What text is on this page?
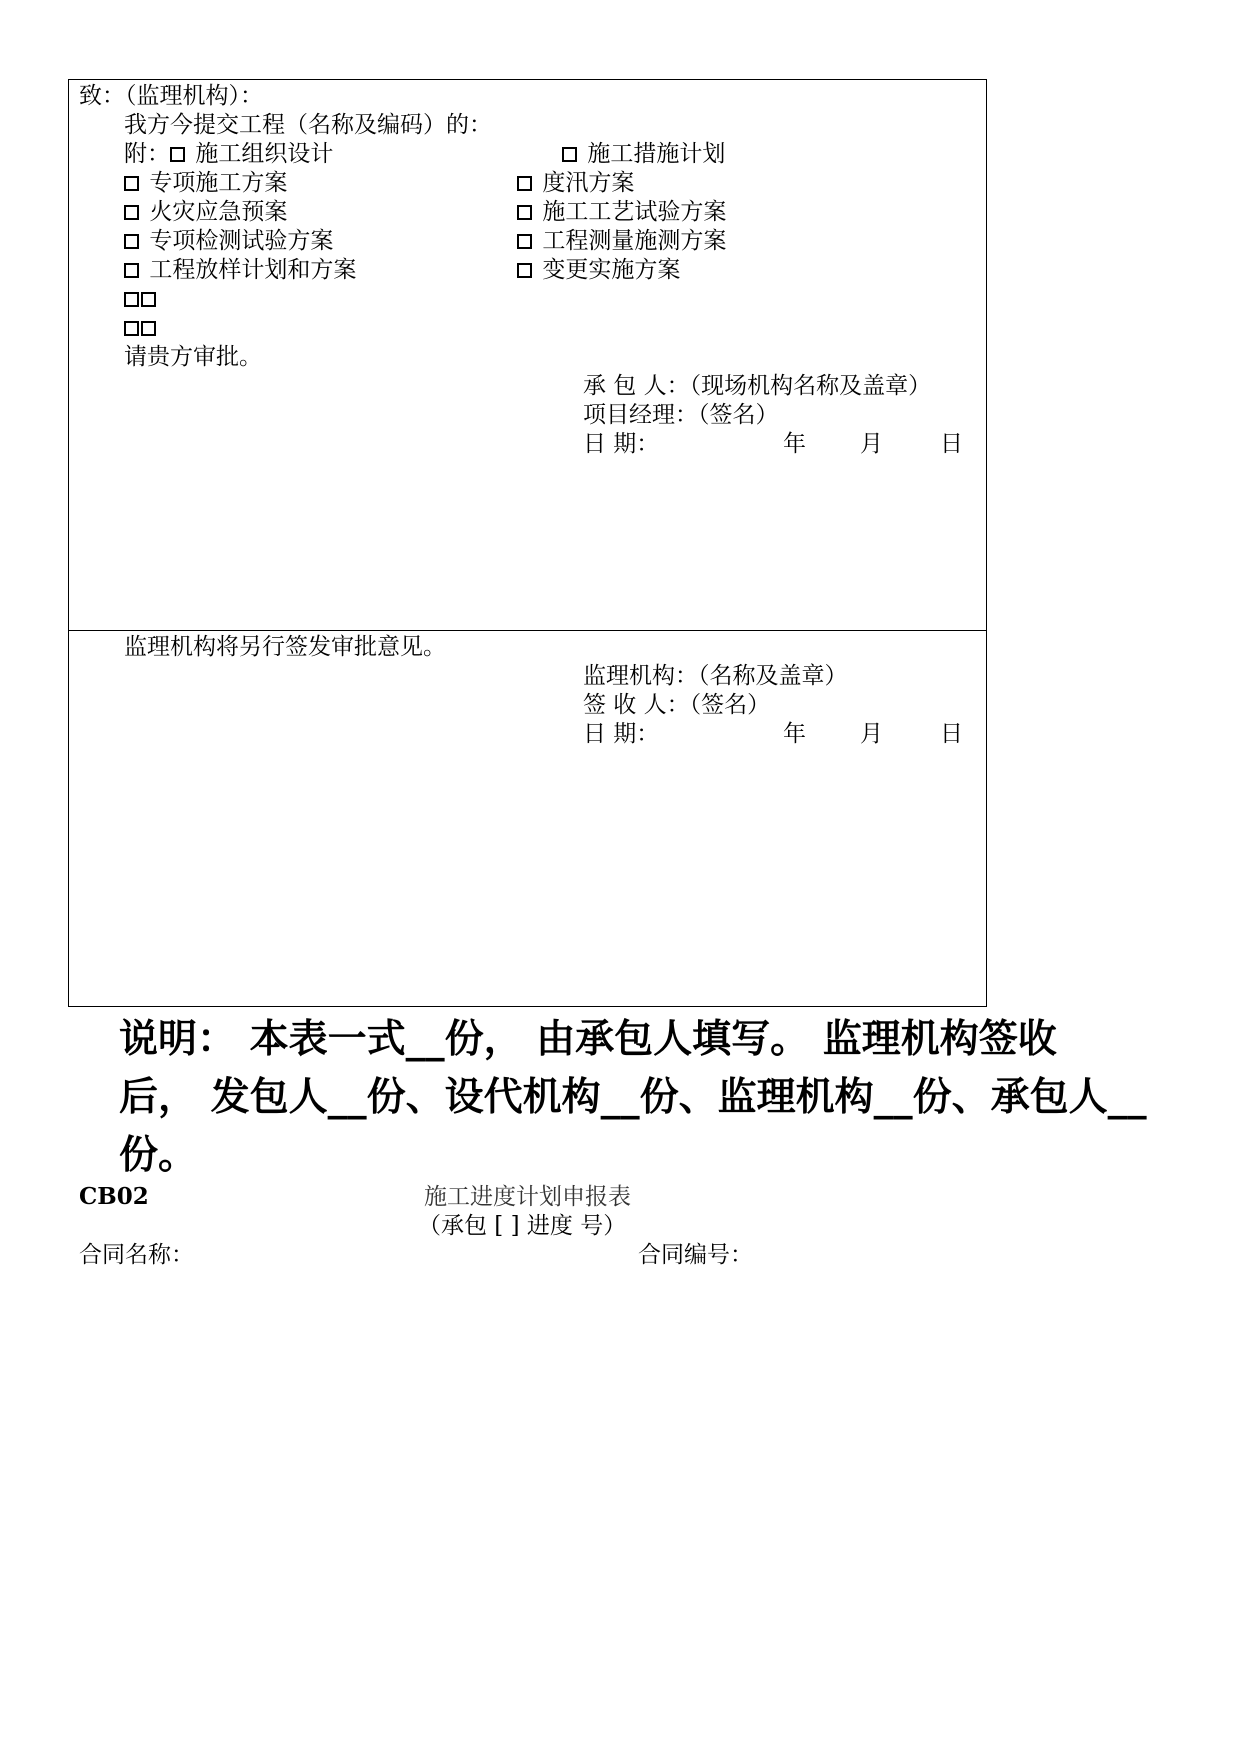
致：（监理机构）：
我方今提交工程（名称及编码）的：
附： 施工组织设计
专项施工方案
火灾应急预案
专项检测试验方案
工程放样计划和方案
施工措施计划
度汛方案
施工工艺试验方案
工程测量施测方案
变更实施方案
请贵方审批。
承 包 人：（现场机构名称及盖章）
项目经理：（签名）
日 期：	年 月 日
监理机构将另行签发审批意见。
监理机构：（名称及盖章）
签 收 人：（签名）
日 期：	年 月 日
说明： 本表一式__份， 由承包人填写。 监理机构签收
后， 发包人__份、设代机构__份、监理机构__份、承包人__
份。
CB02	施工进度计划申报表
（承包 [ ] 进度 号）
合同名称：	合同编号：
